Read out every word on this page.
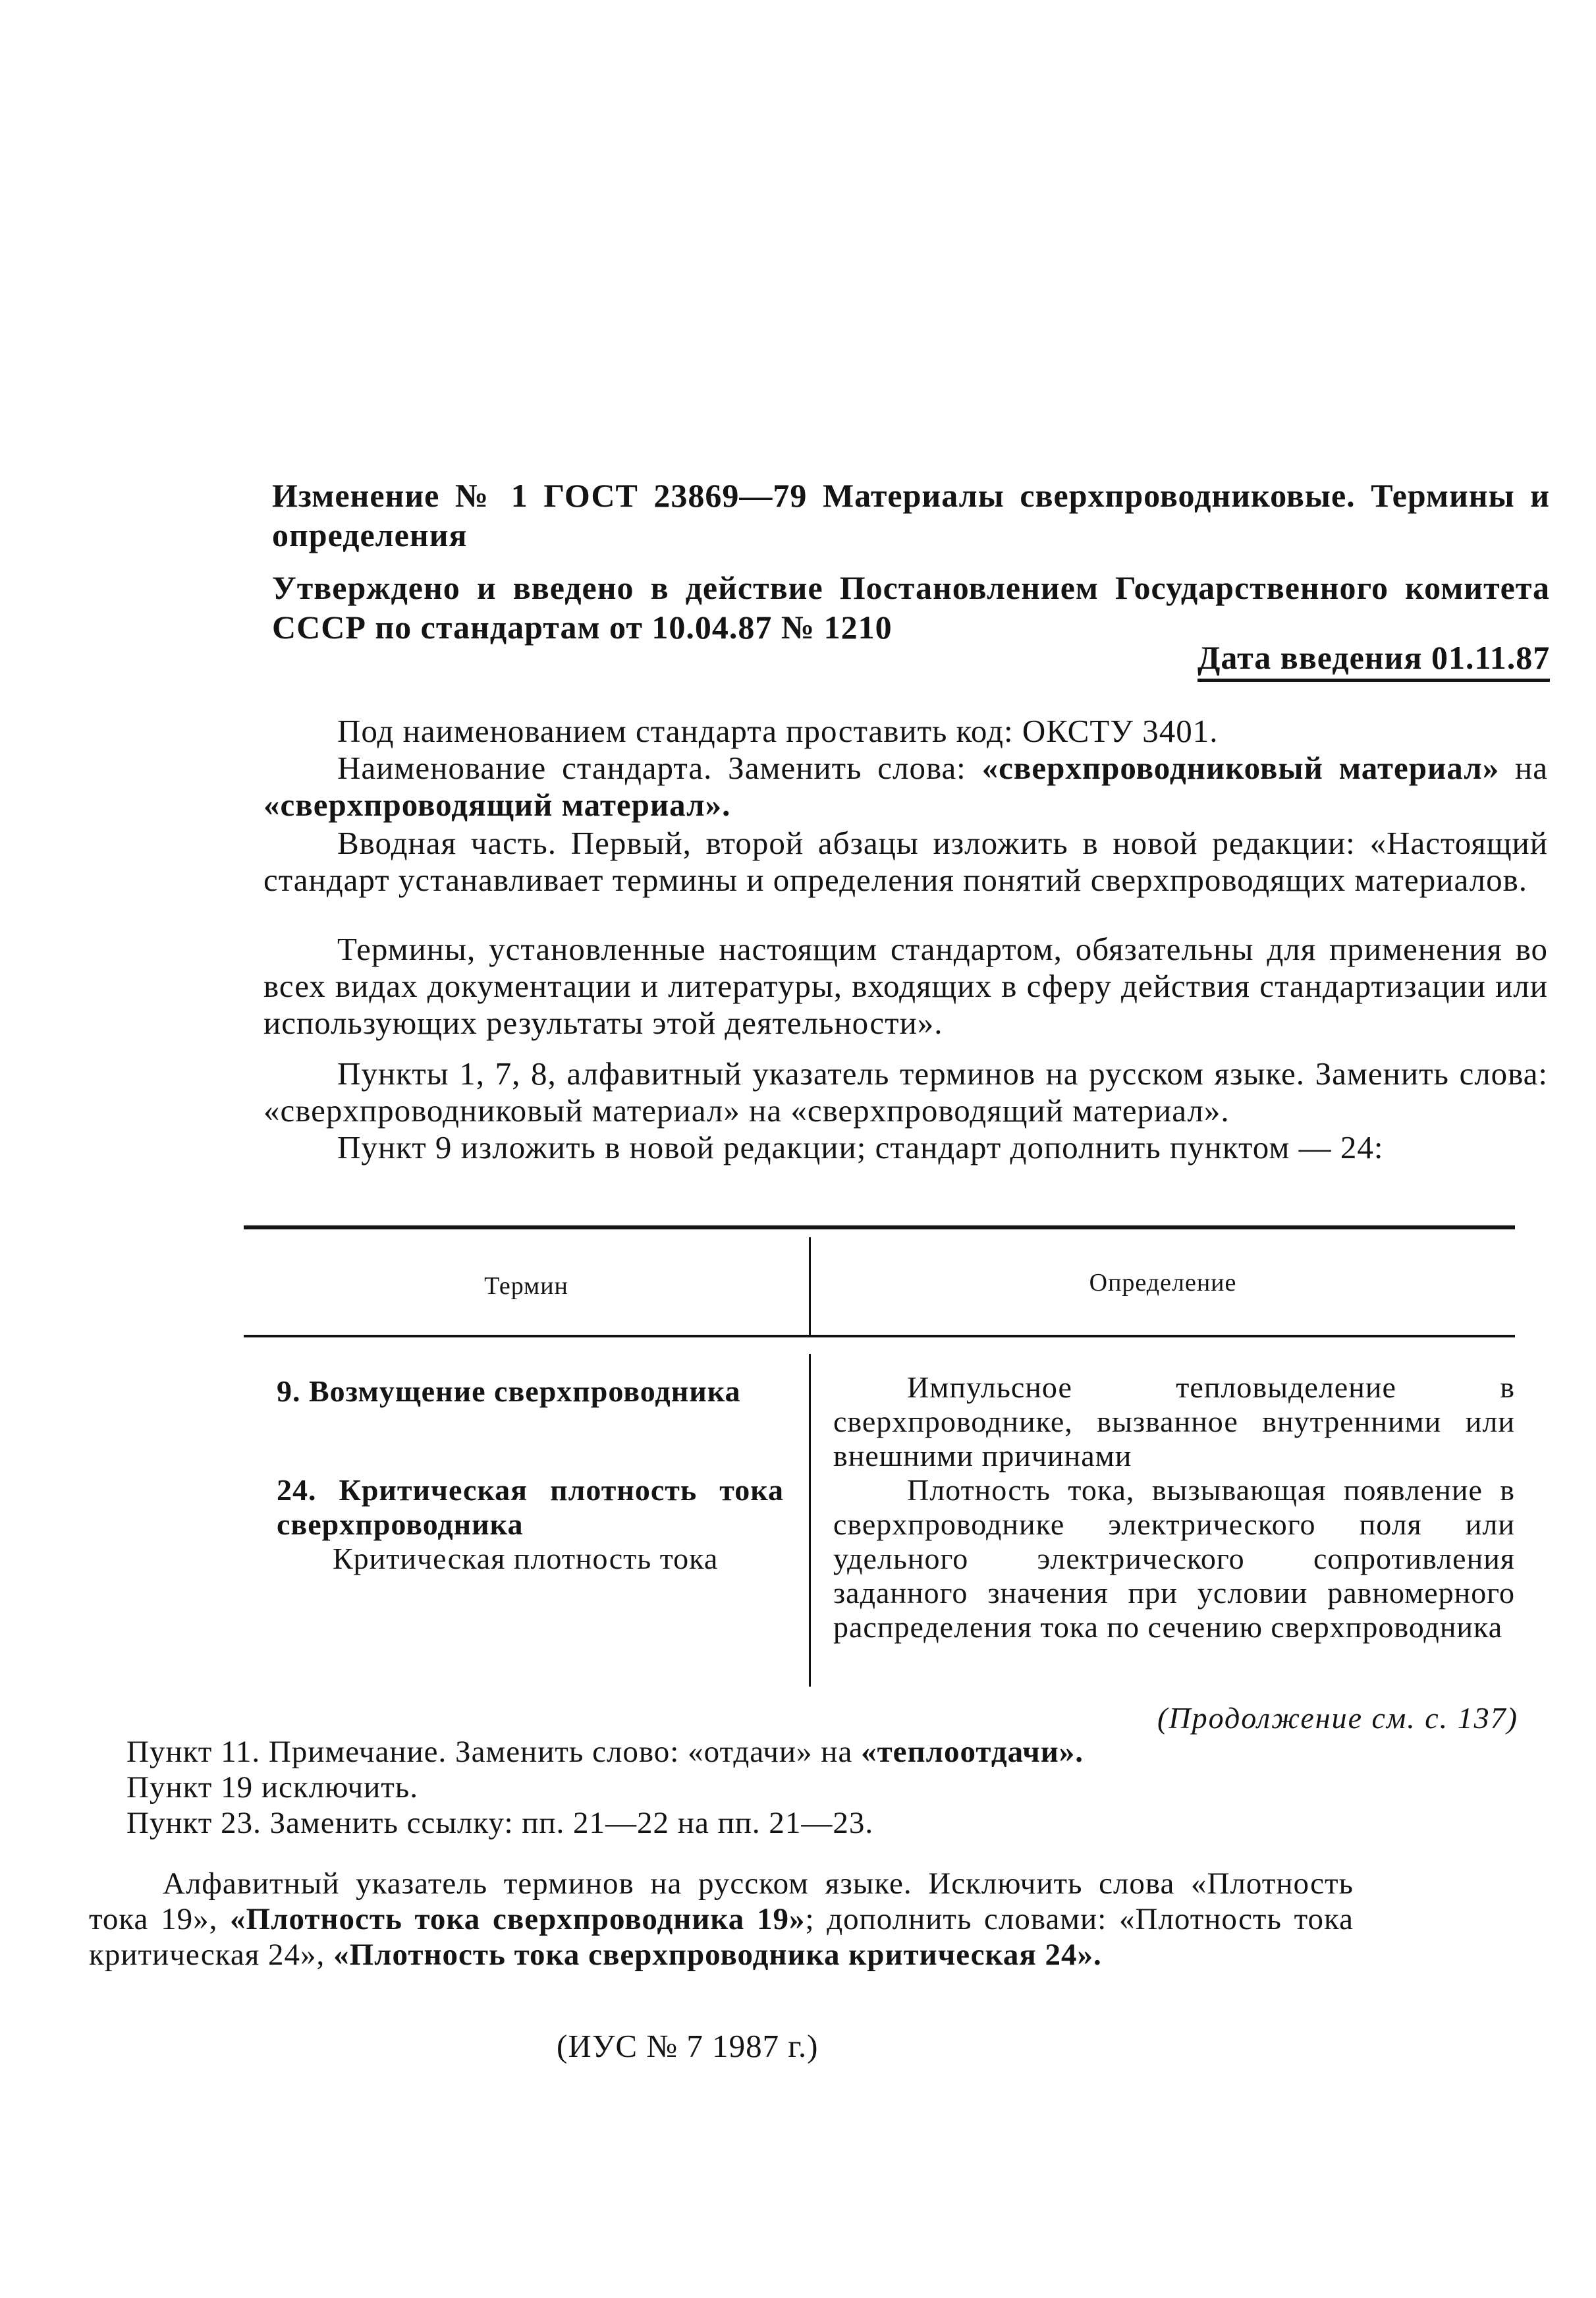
Изменение № 1 ГОСТ 23869—79 Материалы сверхпроводниковые. Термины и определения
Утверждено и введено в действие Постановлением Государственного комитета СССР по стандартам от 10.04.87 № 1210
Дата введения 01.11.87
Под наименованием стандарта проставить код: ОКСТУ 3401.
Наименование стандарта. Заменить слова: «сверхпроводниковый материал» на «сверхпроводящий материал».
Вводная часть. Первый, второй абзацы изложить в новой редакции: «Настоящий стандарт устанавливает термины и определения понятий сверхпроводящих материалов.
Термины, установленные настоящим стандартом, обязательны для применения во всех видах документации и литературы, входящих в сферу действия стандартизации или использующих результаты этой деятельности».
Пункты 1, 7, 8, алфавитный указатель терминов на русском языке. Заменить слова: «сверхпроводниковый материал» на «сверхпроводящий материал».
Пункт 9 изложить в новой редакции; стандарт дополнить пунктом — 24:
Термин	Определение
9. Возмущение сверхпроводника	Импульсное тепловыделение в сверхпроводнике, вызванное внутренними или внешними причинами
24. Критическая плотность тока сверхпроводника
Критическая плотность тока
Плотность тока, вызывающая появление в сверхпроводнике электрического поля или удельного электрического сопротивления заданного значения при условии равномерного распределения тока по сечению сверхпроводника
(Продолжение см. с. 137)
Пункт 11. Примечание. Заменить слово: «отдачи» на «теплоотдачи».
Пункт 19 исключить.
Пункт 23. Заменить ссылку: пп. 21—22 на пп. 21—23.
Алфавитный указатель терминов на русском языке. Исключить слова «Плотность тока 19», «Плотность тока сверхпроводника 19»; дополнить словами: «Плотность тока критическая 24», «Плотность тока сверхпроводника критическая 24».
(ИУС № 7 1987 г.)
